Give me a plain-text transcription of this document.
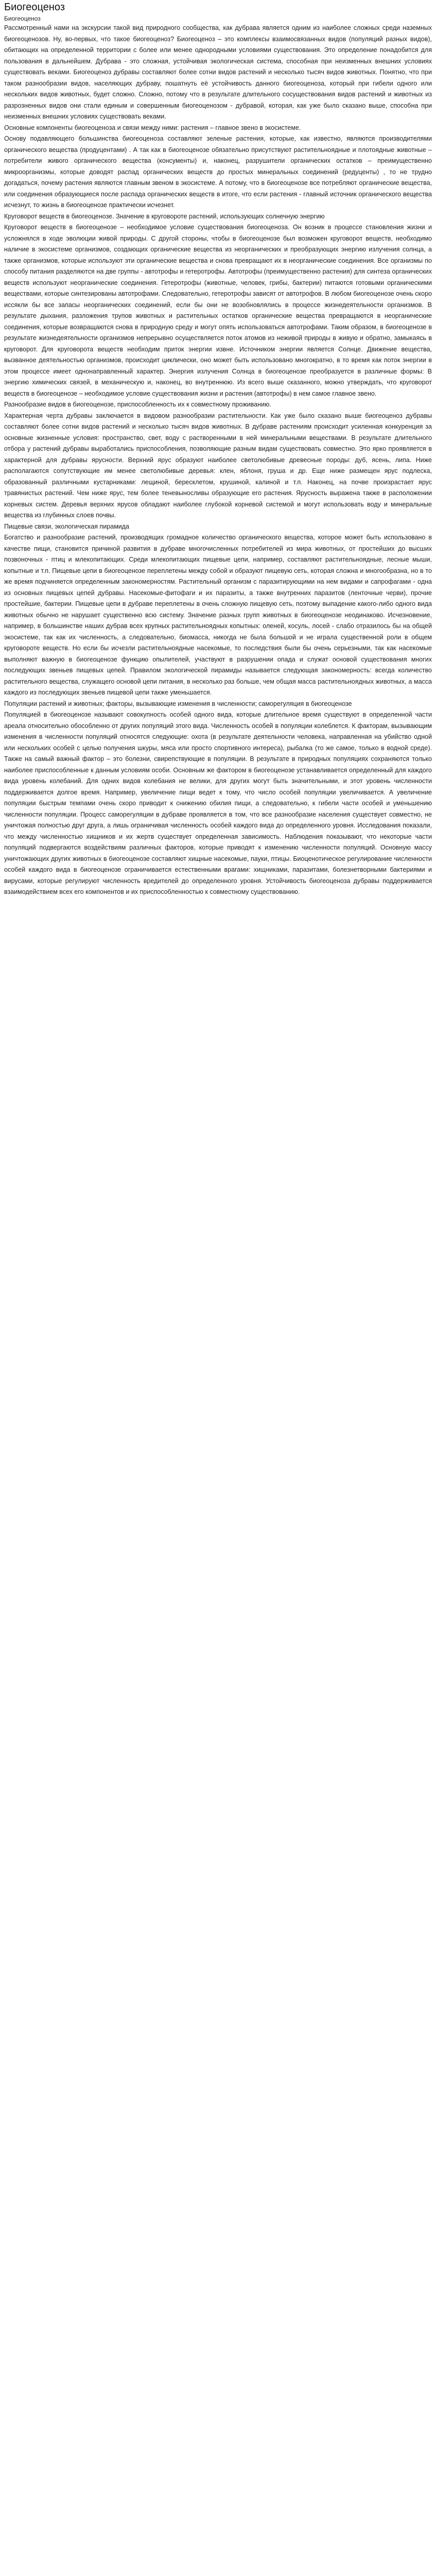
Биогеоценоз
Биогеоценоз

Рассмотренный нами на экскурсии такой вид природного сообщества, как дубрава является одним из наиболее сложных среди наземных биогеоценозов. Ну, во-первых, что такое биогеоценоз? Биогеоценоз – это комплексы взаимосвязанных видов (популяций разных видов), обитающих на определенной территории с более или менее однородными условиями существования. Это определение понадобится для пользования в дальнейшем. Дубрава - это сложная, устойчивая экологическая система, способная при неизменных внешних условиях существовать веками. Биогеоценоз дубравы составляют более сотни видов растений и несколько тысяч видов животных. Понятно, что при таком разнообразии видов, населяющих дубраву, пошатнуть её устойчивость данного биогеоценоза, который при гибели одного или нескольких видов животных, будет сложно. Сложно, потому что в результате длительного сосуществования видов растений и животных из разрозненных видов они стали единым и совершенным биогеоценозом - дубравой, которая, как уже было сказано выше, способна при неизменных внешних условиях существовать веками.

Основные компоненты биогеоценоза и связи между ними: растения – главное звено в экосистеме.

Основу подавляющего большинства биогеоценоза составляют зеленые растения, которые, как известно, являются производителями органического вещества (продуцентами) . А так как в биогеоценозе обязательно присутствуют растительноядные и плотоядные животные – потребители живого органического вещества (консументы) и, наконец, разрушители органических остатков – преимущественно микроорганизмы, которые доводят распад органических веществ до простых минеральных соединений (редуценты) , то не трудно догадаться, почему растения являются главным звеном в экосистеме. А потому, что в биогеоценозе все потребляют органические вещества, или соединения образующиеся после распада органических веществ в итоге, что если растения - главный источник органического вещества исчезнут, то жизнь в биогеоценозе практически исчезнет.

Круговорот веществ в биогеоценозе. Значение в круговороте растений, использующих солнечную энергию

Круговорот веществ в биогеоценозе – необходимое условие существования биогеоценоза. Он возник в процессе становления жизни и усложнялся в ходе эволюции живой природы. С другой стороны, чтобы в биогеоценозе был возможен круговорот веществ, необходимо наличие в экосистеме организмов, создающих органические вещества из неорганических и преобразующих энергию излучения солнца, а также организмов, которые используют эти органические вещества и снова превращают их в неорганические соединения. Все организмы по способу питания разделяются на две группы - автотрофы и гетеротрофы. Автотрофы (преимущественно растения) для синтеза органических веществ используют неорганические соединения. Гетеротрофы (животные, человек, грибы, бактерии) питаются готовыми органическими веществами, которые синтезированы автотрофами. Следовательно, гетеротрофы зависят от автотрофов. В любом биогеоценозе очень скоро иссякли бы все запасы неорганических соединений, если бы они не возобновлялись в процессе жизнедеятельности организмов. В результате дыхания, разложения трупов животных и растительных остатков органические вещества превращаются в неорганические соединения, которые возвращаются снова в природную среду и могут опять использоваться автотрофами. Таким образом, в биогеоценозе в результате жизнедеятельности организмов непрерывно осуществляется поток атомов из неживой природы в живую и обратно, замыкаясь в круговорот. Для круговорота веществ необходим приток энергии извне. Источником энергии является Солнце. Движение вещества, вызванное деятельностью организмов, происходит циклически, оно может быть использовано многократно, в то время как поток энергии в этом процессе имеет однонаправленный характер. Энергия излучения Солнца в биогеоценозе преобразуется в различные формы: В энергию химических связей, в механическую и, наконец, во внутреннюю. Из всего выше сказанного, можно утверждать, что круговорот веществ в биогеоценозе – необходимое условие существования жизни и растения (автотрофы) в нем самое главное звено.

Разнообразие видов в биогеоценозе, приспособленность их к совместному проживанию.

Характерная черта дубравы заключается в видовом разнообразии растительности. Как уже было сказано выше биогеоценоз дубравы составляют более сотни видов растений и несколько тысяч видов животных. В дубраве растениям происходит усиленная конкуренция за основные жизненные условия: пространство, свет, воду с растворенными в ней минеральными веществами. В результате длительного отбора у растений дубравы выработались приспособления, позволяющие разным видам существовать совместно. Это ярко проявляется в характерной для дубравы ярусности. Верхний ярус образуют наиболее светолюбивые древесные породы: дуб, ясень, липа. Ниже располагаются сопутствующие им менее светолюбивые деревья: клен, яблоня, груша и др. Еще ниже размещен ярус подлеска, образованный различными кустарниками: лещиной, бересклетом, крушиной, калиной и т.п. Наконец, на почве произрастает ярус травянистых растений. Чем ниже ярус, тем более теневыносливы образующие его растения. Ярусность выражена также в расположении корневых систем. Деревья верхних ярусов обладают наиболее глубокой корневой системой и могут использовать воду и минеральные вещества из глубинных слоев почвы.

Пищевые связи, экологическая пирамида

Богатство и разнообразие растений, производящих громадное количество органического вещества, которое может быть использовано в качестве пищи, становится причиной развития в дубраве многочисленных потребителей из мира животных, от простейших до высших позвоночных - птиц и млекопитающих. Среди млекопитающих пищевые цепи, например, составляют растительноядные, лесные мыши, копытные и т.п. Пищевые цепи в биогеоценозе переплетены между собой и образуют пищевую сеть, которая сложна и многообразна, но в то же время подчиняется определенным закономерностям. Растительный организм с паразитирующими на нем видами и сапрофагами - одна из основных пищевых цепей дубравы. Насекомые-фитофаги и их паразиты, а также внутренних паразитов (ленточные черви), прочие простейшие, бактерии. Пищевые цепи в дубраве переплетены в очень сложную пищевую сеть, поэтому выпадение какого-либо одного вида животных обычно не нарушает существенно всю систему. Значение разных групп животных в биогеоценозе неодинаково. Исчезновение, например, в большинстве наших дубрав всех крупных растительноядных копытных: оленей, косуль, лосей - слабо отразилось бы на общей экосистеме, так как их численность, а следовательно, биомасса, никогда не была большой и не играла существенной роли в общем круговороте веществ. Но если бы исчезли растительноядные насекомые, то последствия были бы очень серьезными, так как насекомые выполняют важную в биогеоценозе функцию опылителей, участвуют в разрушении опада и служат основой существования многих последующих звеньев пищевых цепей. Правилом экологической пирамиды называется следующая закономерность: всегда количество растительного вещества, служащего основой цепи питания, в несколько раз больше, чем общая масса растительноядных животных, а масса каждого из последующих звеньев пищевой цепи также уменьшается.

Популяции растений и животных; факторы, вызывающие изменения в численности; саморегуляция в биогеоценозе

Популяцией в биогеоценозе называют совокупность особей одного вида, которые длительное время существуют в определенной части ареала относительно обособленно от других популяций этого вида. Численность особей в популяции колеблется. К факторам, вызывающим изменения в численности популяций относятся следующие: охота (в результате деятельности человека, направленная на убийство одной или нескольких особей с целью получения шкуры, мяса или просто спортивного интереса), рыбалка (то же самое, только в водной среде). Также на самый важный фактор – это болезни, свирепствующие в популяции. В результате в природных популяциях сохраняются только наиболее приспособленные к данным условиям особи. Основным же фактором в биогеоценозе устанавливается определенный для каждого вида уровень колебаний. Для одних видов колебания не велики, для других могут быть значительными, и этот уровень численности поддерживается долгое время. Например, увеличение пищи ведет к тому, что число особей популяции увеличивается. А увеличение популяции быстрым темпами очень скоро приводит к снижению обилия пищи, а следовательно, к гибели части особей и уменьшению численности популяции. Процесс саморегуляции в дубраве проявляется в том, что все разнообразие населения существует совместно, не уничтожая полностью друг друга, а лишь ограничивая численность особей каждого вида до определенного уровня. Исследования показали, что между численностью хищников и их жертв существует определенная зависимость. Наблюдения показывают, что некоторые части популяций подвергаются воздействиям различных факторов, которые приводят к изменению численности популяций. Основную массу уничтожающих других животных в биогеоценозе составляют хищные насекомые, пауки, птицы. Биоценотическое регулирование численности особей каждого вида в биогеоценозе ограничивается естественными врагами: хищниками, паразитами, болезнетворными бактериями и вирусами, которые регулируют численность вредителей до определенного уровня. Устойчивость биогеоценоза дубравы поддерживается взаимодействием всех его компонентов и их приспособленностью к совместному существованию.
